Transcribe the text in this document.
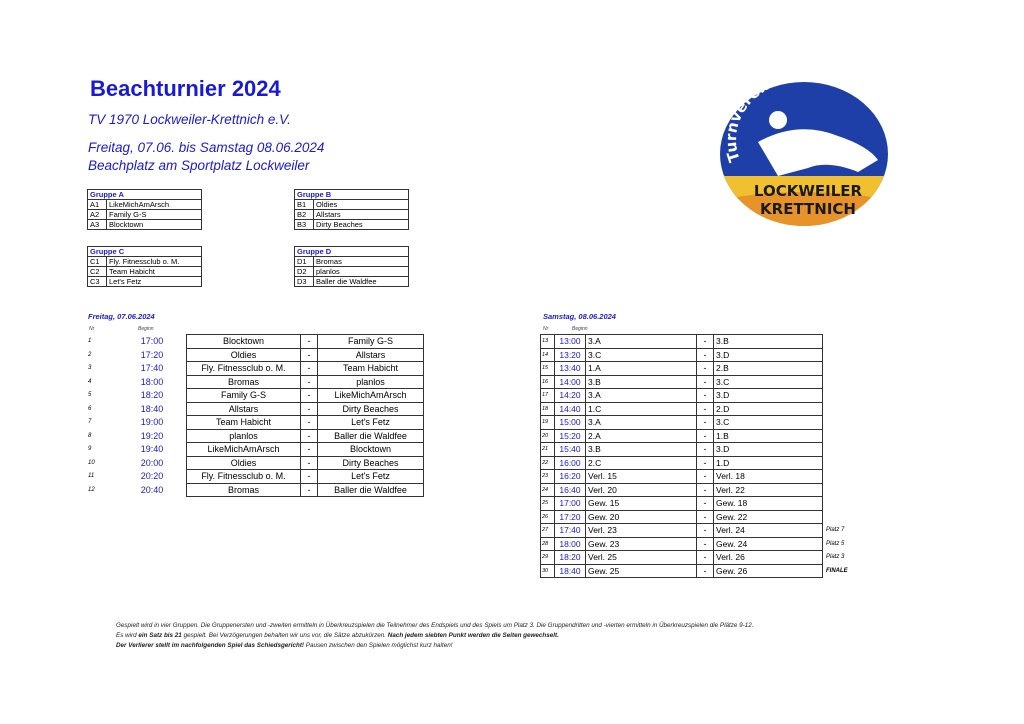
Beachturnier 2024
TV 1970 Lockweiler-Krettnich e.V.
Freitag, 07.06. bis Samstag 08.06.2024
Beachplatz am Sportplatz Lockweiler
Turnverein
LOCKWEILER
KRETTNICH
Gruppe A	
A1	LikeMichAmArsch
A2	Family G-S
A3	Blocktown
Gruppe B	
B1	Oldies
B2	Allstars
B3	Dirty Beaches
Gruppe C	
C1	Fly. Fitnessclub o. M.
C2	Team Habicht
C3	Let's Fetz
Gruppe D	
D1	Bromas
D2	planlos
D3	Baller die Waldfee
Freitag, 07.06.2024
Nr	Beginn
1	17:00	Blocktown	-	Family G-S
2	17:20	Oldies	-	Allstars
3	17:40	Fly. Fitnessclub o. M.	-	Team Habicht
4	18:00	Bromas	-	planlos
5	18:20	Family G-S	-	LikeMichAmArsch
6	18:40	Allstars	-	Dirty Beaches
7	19:00	Team Habicht	-	Let's Fetz
8	19:20	planlos	-	Baller die Waldfee
9	19:40	LikeMichAmArsch	-	Blocktown
10	20:00	Oldies	-	Dirty Beaches
11	20:20	Fly. Fitnessclub o. M.	-	Let's Fetz
12	20:40	Bromas	-	Baller die Waldfee
Samstag, 08.06.2024
Nr	Beginn
13	13:00	3.A	-	3.B	
14	13:20	3.C	-	3.D	
15	13:40	1.A	-	2.B	
16	14:00	3.B	-	3.C	
17	14:20	3.A	-	3.D	
18	14:40	1.C	-	2.D	
19	15:00	3.A	-	3.C	
20	15:20	2.A	-	1.B	
21	15:40	3.B	-	3.D	
22	16:00	2.C	-	1.D	
23	16:20	Verl. 15	-	Verl. 18	
24	16:40	Verl. 20	-	Verl. 22	
25	17:00	Gew. 15	-	Gew. 18	
26	17:20	Gew. 20	-	Gew. 22	
27	17:40	Verl. 23	-	Verl. 24	Platz 7
28	18:00	Gew. 23	-	Gew. 24	Platz 5
29	18:20	Verl. 25	-	Verl. 26	Platz 3
30	18:40	Gew. 25	-	Gew. 26	FINALE
Gespielt wird in vier Gruppen. Die Gruppenersten und -zweiten ermitteln in Überkreuzspielen die Teilnehmer des Endspiels und des Spiels um Platz 3. Die Gruppendritten und -vierten ermitteln in Überkreuzspielen die Plätze 9-12.
Es wird ein Satz bis 21 gespielt. Bei Verzögerungen behalten wir uns vor, die Sätze abzukürzen. Nach jedem siebten Punkt werden die Seiten gewechselt.
Der Verlierer stellt im nachfolgenden Spiel das Schiedsgericht! Pausen zwischen den Spielen möglichst kurz halten!
